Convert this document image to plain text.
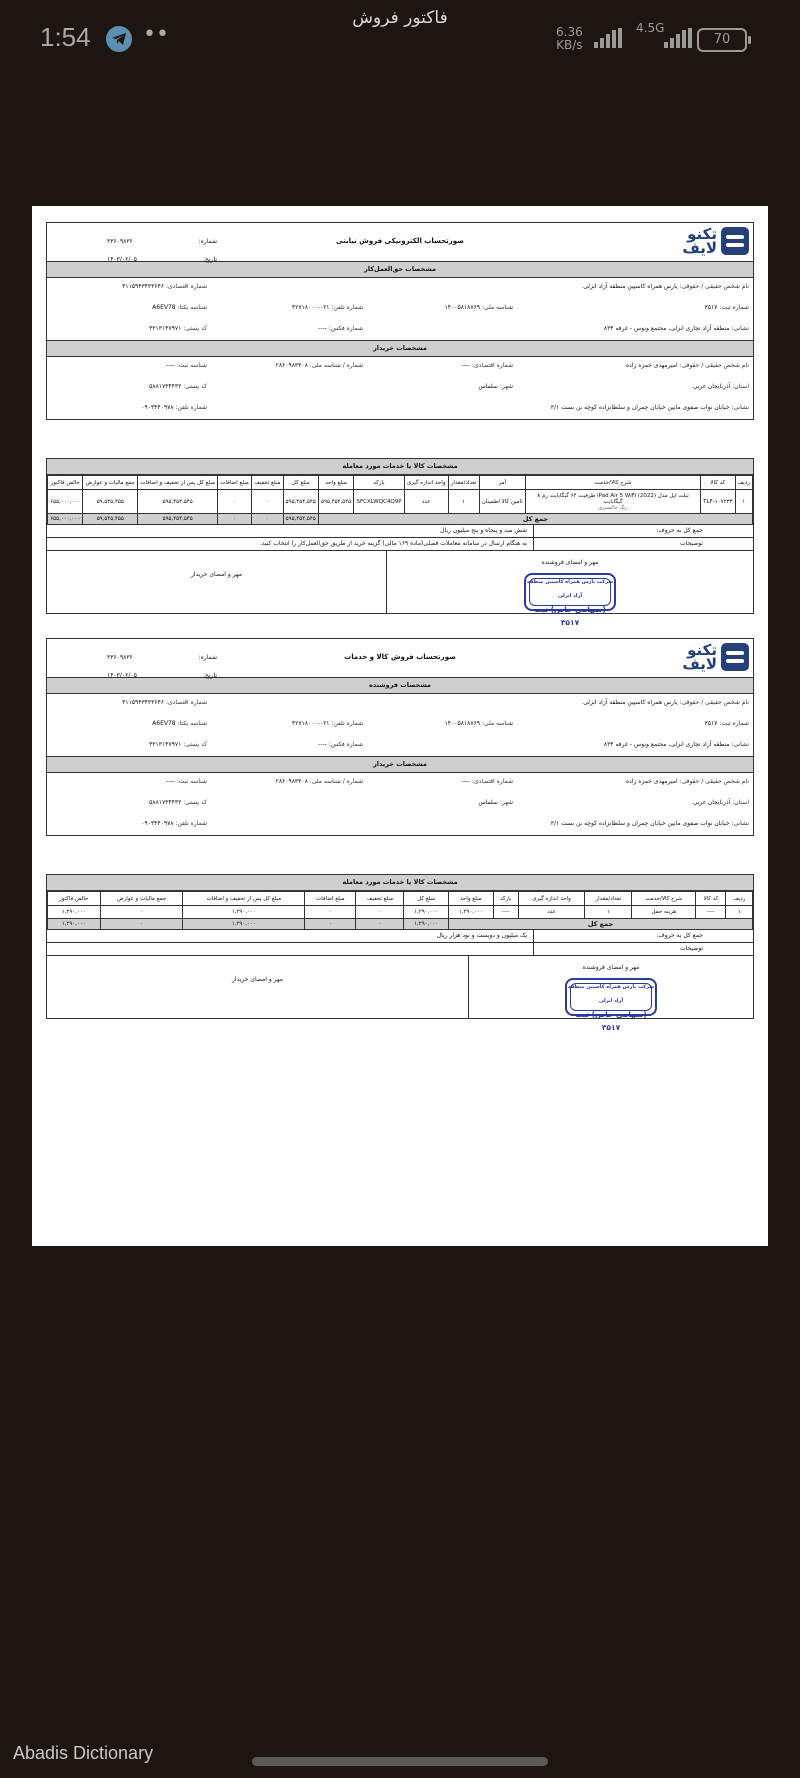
1:54 ••
فاکتور فروش
6.36
KB/s
4.5G
70
تکنو
لایف
صورتحساب الکترونیکی فروش نیابتی
شماره:
۳۳۶۰۹۸۳۶
تاریخ:
۱۴۰۳/۰۲/۰۵
مشخصات حق‌العمل‌کار
نام شخص حقیقی / حقوقی: پارس همراه کاسپین منطقه آزاد انزلی
شماره اقتصادی: ۴۱۱۵۹۴۳۴۳۳۶۴۶
شماره ثبت: ۳۵۱۷
شناسه ملی: ۱۴۰۰۵۸۱۸۷۶۹
شماره تلفن: ۰۲۱-۴۲۷۱۸۰۰۰
شناسه یکتا: A6EV78
نشانی: منطقه آزاد تجاری انزلی، مجتمع ونوس - غرفه ۸۳۴
شماره فکس: ----
کد پستی: ۴۳۱۳۱۴۷۹۷۱
مشخصات خریدار
نام شخص حقیقی / حقوقی: امیرمهدی حمزه زاده
شماره اقتصادی: ----
شماره / شناسه ملی: ۲۸۶۰۹۸۳۳۰۸
شناسه ثبت: ----
استان: آذربایجان غربی
شهر: سلماس
کد پستی: ۵۸۸۱۷۳۴۴۳۳
نشانی: خیابان نواب صفوی مابین خیابان چمران و سلطانزاده کوچه بن بست ۳/۱
شماره تلفن: ۰۹۰۳۴۴۰۹۷۸
مشخصات کالا یا خدمات مورد معامله
ردیف	کد کالا	شرح کالا/خدمت	آمر	تعداد/مقدار	واحد اندازه گیری	بارکد	مبلغ واحد	مبلغ کل	مبلغ تخفیف	مبلغ اضافات	مبلغ کل پس از تخفیف و اضافات	جمع مالیات و عوارض	خالص فاکتور
۱	TLF-۱۰۷۲۳۳	تبلت اپل مدل iPad Air 5 WiFi (2022) ظرفیت ۶۴ گیگابایت رم ۸ گیگابایت
رنگ خاکستری	تامین کالا اطمینان	۱	عدد	SFCXLWQC4Q9P	۵۹۵,۴۵۴,۵۴۵	۵۹۵,۴۵۴,۵۴۵	۰	۰	۵۹۵,۴۵۴,۵۴۵	۵۹,۵۴۵,۴۵۵	۶۵۵,۰۰۰,۰۰۰
جمع کل								۵۹۵,۴۵۴,۵۴۵	۰	۰	۵۹۵,۴۵۴,۵۴۵	۵۹,۵۴۵,۴۵۵	۶۵۵,۰۰۰,۰۰۰
جمع کل به حروف:
شش صد و پنجاه و پنج میلیون ریال
توضیحات
به هنگام ارسال در سامانه معاملات فصلی(ماده ۱۶۹ مالی) گزینه خرید از طریق حق‌العمل‌کار را انتخاب کنید.
مهر و امضای فروشنده
شرکت پارس همراه کاسپین منطقه آزاد انزلی
(سهامی خاص) ثبت ۳۵۱۷
مهر و امضای خریدار
تکنو
لایف
صورتحساب فروش کالا و خدمات
شماره:
۳۳۶۰۹۸۳۶
تاریخ:
۱۴۰۳/۰۲/۰۵
مشخصات فروشنده
نام شخص حقیقی / حقوقی: پارس همراه کاسپین منطقه آزاد انزلی
شماره اقتصادی: ۴۱۱۵۹۴۳۴۳۳۶۴۶
شماره ثبت: ۳۵۱۷
شناسه ملی: ۱۴۰۰۵۸۱۸۷۶۹
شماره تلفن: ۰۲۱-۴۲۷۱۸۰۰۰
شناسه یکتا: A6EV78
نشانی: منطقه آزاد تجاری انزلی، مجتمع ونوس - غرفه ۸۳۴
شماره فکس: ----
کد پستی: ۴۳۱۳۱۴۷۹۷۱
مشخصات خریدار
نام شخص حقیقی / حقوقی: امیرمهدی حمزه زاده
شماره اقتصادی: ----
شماره / شناسه ملی: ۲۸۶۰۹۸۳۳۰۸
شناسه ثبت: ----
استان: آذربایجان غربی
شهر: سلماس
کد پستی: ۵۸۸۱۷۳۴۴۳۳
نشانی: خیابان نواب صفوی مابین خیابان چمران و سلطانزاده کوچه بن بست ۳/۱
شماره تلفن: ۰۹۰۳۴۴۰۹۷۸
مشخصات کالا یا خدمات مورد معامله
ردیف	کد کالا	شرح کالا/خدمت	تعداد/مقدار	واحد اندازه گیری	بارکد	مبلغ واحد	مبلغ کل	مبلغ تخفیف	مبلغ اضافات	مبلغ کل پس از تخفیف و اضافات	جمع مالیات و عوارض	خالص فاکتور
۱	----	هزینه حمل	۱	عدد	----	۱,۲۹۰,۰۰۰	۱,۲۹۰,۰۰۰	۰	۰	۱,۲۹۰,۰۰۰	۰	۱,۲۹۰,۰۰۰
جمع کل							۱,۲۹۰,۰۰۰	۰	۰	۱,۲۹۰,۰۰۰	۰	۱,۲۹۰,۰۰۰
جمع کل به حروف:
یک میلیون و دویست و نود هزار ریال
توضیحات
مهر و امضای فروشنده
شرکت پارس همراه کاسپین منطقه آزاد انزلی
(سهامی خاص) ثبت ۳۵۱۷
مهر و امضای خریدار
Abadis Dictionary
